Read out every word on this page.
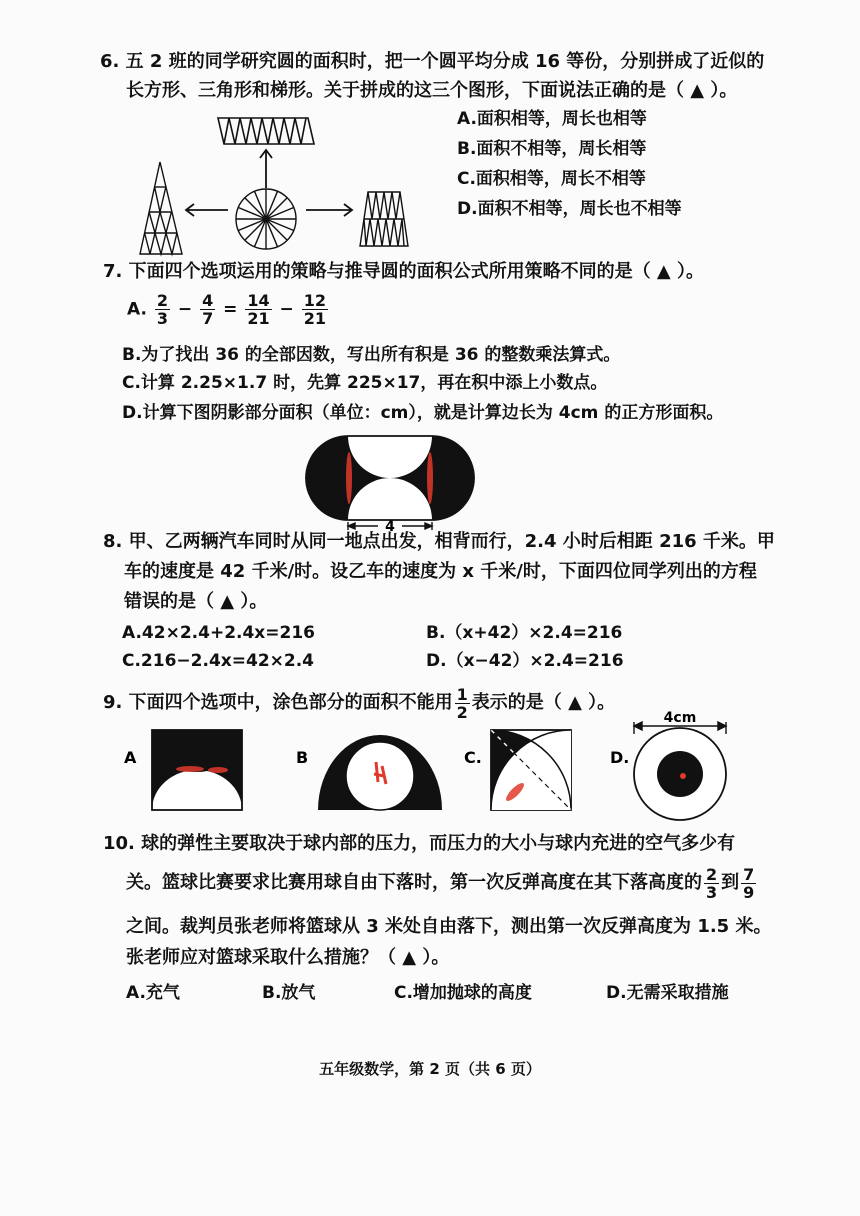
6. 五 2 班的同学研究圆的面积时，把一个圆平均分成 16 等份，分别拼成了近似的
长方形、三角形和梯形。关于拼成的这三个图形，下面说法正确的是（ ▲ ）。
A.面积相等，周长也相等
B.面积不相等，周长相等
C.面积相等，周长不相等
D.面积不相等，周长也不相等
7. 下面四个选项运用的策略与推导圆的面积公式所用策略不同的是（ ▲ ）。
A. $\frac{2}{3} - \frac{4}{7} = \frac{14}{21} - \frac{12}{21}$
B.为了找出 36 的全部因数，写出所有积是 36 的整数乘法算式。
C.计算 2.25×1.7 时，先算 225×17，再在积中添上小数点。
D.计算下图阴影部分面积（单位：cm），就是计算边长为 4cm 的正方形面积。
4
8. 甲、乙两辆汽车同时从同一地点出发，相背而行，2.4 小时后相距 216 千米。甲
车的速度是 42 千米/时。设乙车的速度为 x 千米/时，下面四位同学列出的方程
错误的是（ ▲ ）。
A.42×2.4+2.4x=216	B.（x+42）×2.4=216
C.216−2.4x=42×2.4	D.（x−42）×2.4=216
9. 下面四个选项中，涂色部分的面积不能用 $\frac{1}{2}$ 表示的是（ ▲ ）。
A	B	C.	D.
4cm
10. 球的弹性主要取决于球内部的压力，而压力的大小与球内充进的空气多少有
关。篮球比赛要求比赛用球自由下落时，第一次反弹高度在其下落高度的 $\frac{2}{3}$ 到 $\frac{7}{9}$
之间。裁判员张老师将篮球从 3 米处自由落下，测出第一次反弹高度为 1.5 米。
张老师应对篮球采取什么措施？（ ▲ ）。
A.充气	B.放气	C.增加抛球的高度	D.无需采取措施
五年级数学，第 2 页（共 6 页）
